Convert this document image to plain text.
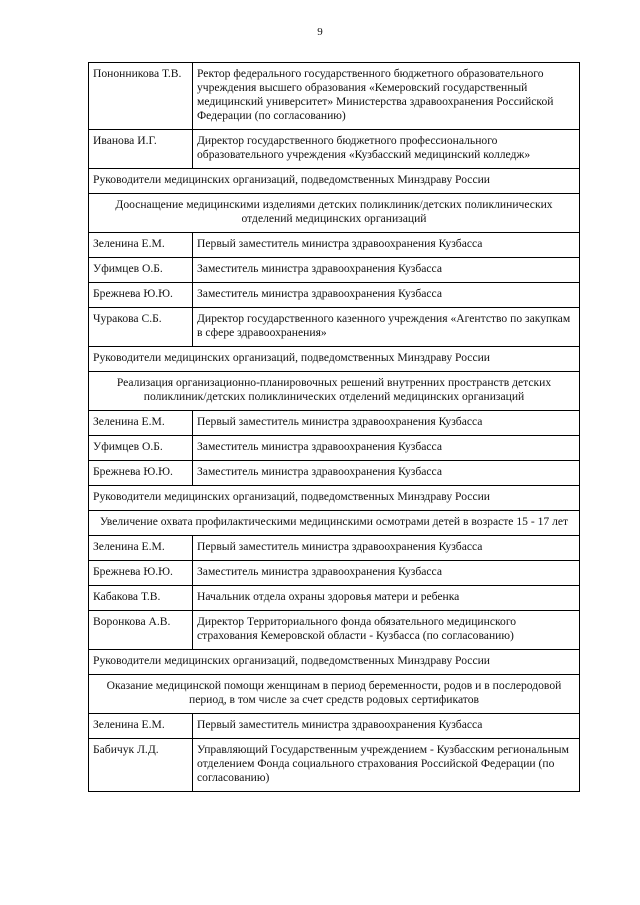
9
Пононникова Т.В.	Ректор федерального государственного бюджетного образовательного учреждения высшего образования «Кемеровский государственный медицинский университет» Министерства здравоохранения Российской Федерации (по согласованию)
Иванова И.Г.	Директор государственного бюджетного профессионального образовательного учреждения «Кузбасский медицинский колледж»
Руководители медицинских организаций, подведомственных Минздраву России	
Дооснащение медицинскими изделиями детских поликлиник/детских поликлинических отделений медицинских организаций	
Зеленина Е.М.	Первый заместитель министра здравоохранения Кузбасса
Уфимцев О.Б.	Заместитель министра здравоохранения Кузбасса
Брежнева Ю.Ю.	Заместитель министра здравоохранения Кузбасса
Чуракова С.Б.	Директор государственного казенного учреждения «Агентство по закупкам в сфере здравоохранения»
Руководители медицинских организаций, подведомственных Минздраву России	
Реализация организационно-планировочных решений внутренних пространств детских поликлиник/детских поликлинических отделений медицинских организаций	
Зеленина Е.М.	Первый заместитель министра здравоохранения Кузбасса
Уфимцев О.Б.	Заместитель министра здравоохранения Кузбасса
Брежнева Ю.Ю.	Заместитель министра здравоохранения Кузбасса
Руководители медицинских организаций, подведомственных Минздраву России	
Увеличение охвата профилактическими медицинскими осмотрами детей в возрасте 15 - 17 лет	
Зеленина Е.М.	Первый заместитель министра здравоохранения Кузбасса
Брежнева Ю.Ю.	Заместитель министра здравоохранения Кузбасса
Кабакова Т.В.	Начальник отдела охраны здоровья матери и ребенка
Воронкова А.В.	Директор Территориального фонда обязательного медицинского страхования Кемеровской области - Кузбасса (по согласованию)
Руководители медицинских организаций, подведомственных Минздраву России	
Оказание медицинской помощи женщинам в период беременности, родов и в послеродовой период, в том числе за счет средств родовых сертификатов	
Зеленина Е.М.	Первый заместитель министра здравоохранения Кузбасса
Бабичук Л.Д.	Управляющий Государственным учреждением - Кузбасским региональным отделением Фонда социального страхования Российской Федерации (по согласованию)
